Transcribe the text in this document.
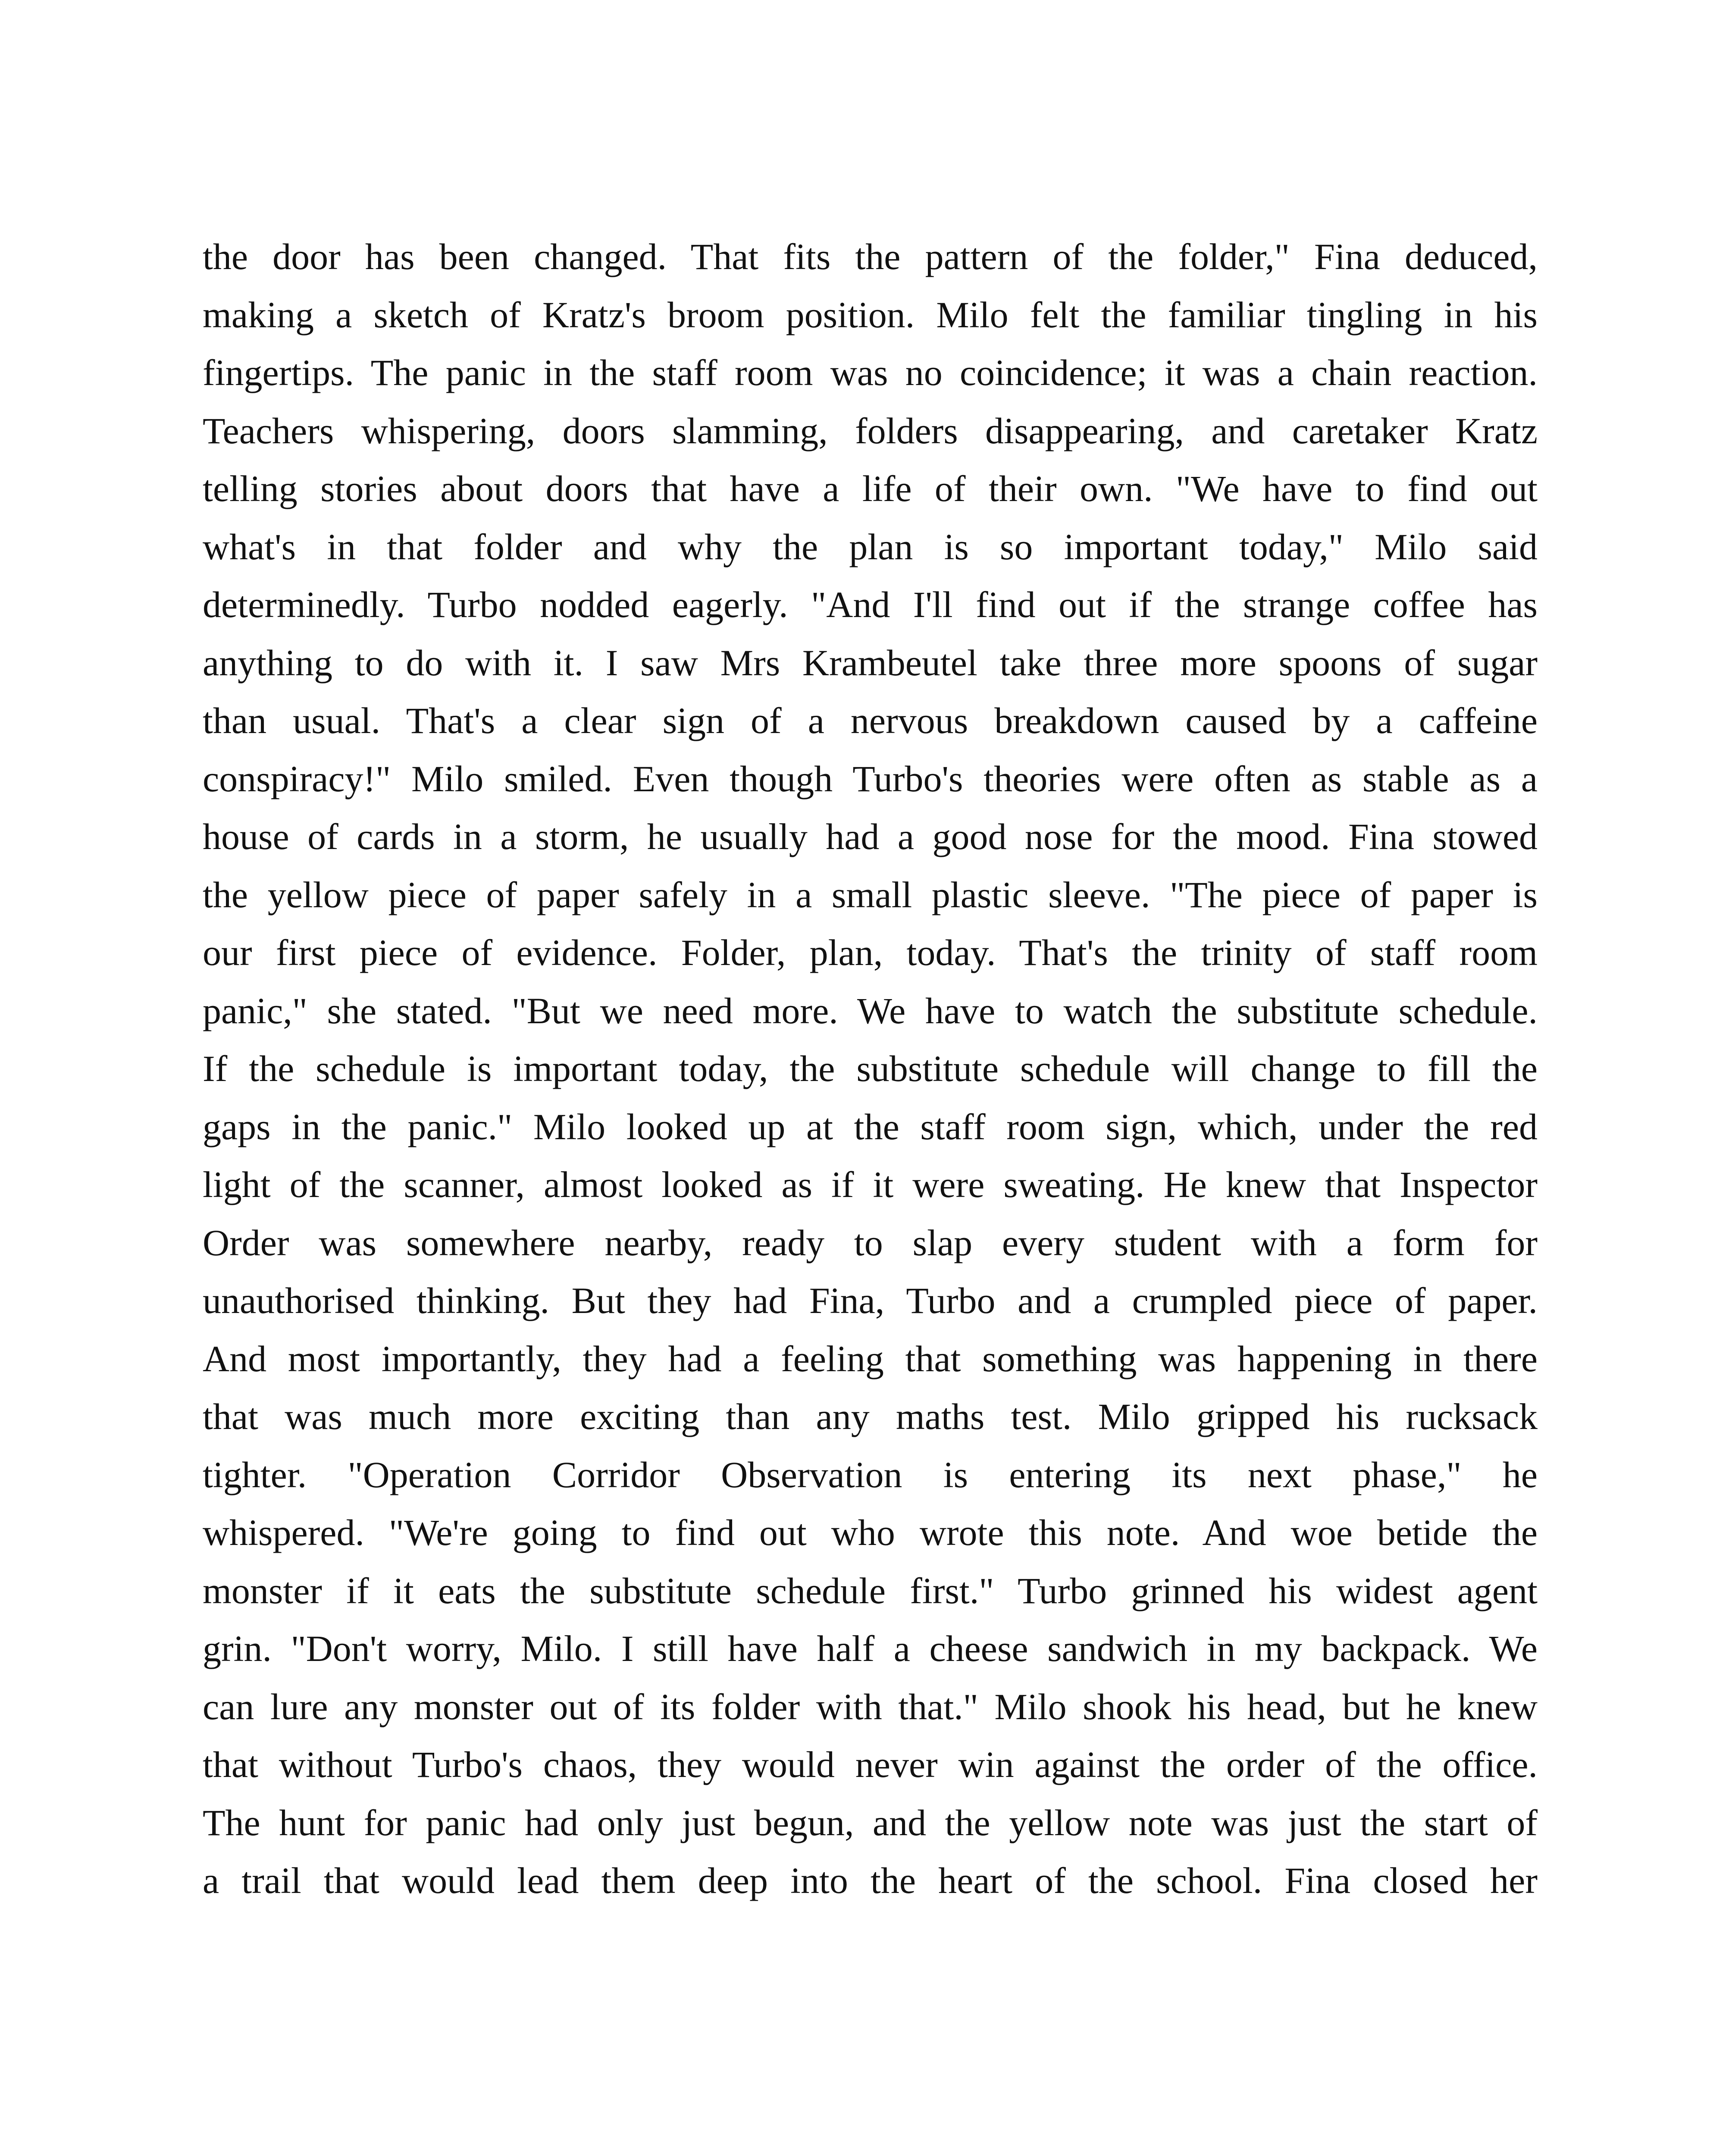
the door has been changed. That fits the pattern of the folder," Fina deduced,
making a sketch of Kratz's broom position. Milo felt the familiar tingling in his
fingertips. The panic in the staff room was no coincidence; it was a chain reaction.
Teachers whispering, doors slamming, folders disappearing, and caretaker Kratz
telling stories about doors that have a life of their own. "We have to find out
what's in that folder and why the plan is so important today," Milo said
determinedly. Turbo nodded eagerly. "And I'll find out if the strange coffee has
anything to do with it. I saw Mrs Krambeutel take three more spoons of sugar
than usual. That's a clear sign of a nervous breakdown caused by a caffeine
conspiracy!" Milo smiled. Even though Turbo's theories were often as stable as a
house of cards in a storm, he usually had a good nose for the mood. Fina stowed
the yellow piece of paper safely in a small plastic sleeve. "The piece of paper is
our first piece of evidence. Folder, plan, today. That's the trinity of staff room
panic," she stated. "But we need more. We have to watch the substitute schedule.
If the schedule is important today, the substitute schedule will change to fill the
gaps in the panic." Milo looked up at the staff room sign, which, under the red
light of the scanner, almost looked as if it were sweating. He knew that Inspector
Order was somewhere nearby, ready to slap every student with a form for
unauthorised thinking. But they had Fina, Turbo and a crumpled piece of paper.
And most importantly, they had a feeling that something was happening in there
that was much more exciting than any maths test. Milo gripped his rucksack
tighter. "Operation Corridor Observation is entering its next phase," he
whispered. "We're going to find out who wrote this note. And woe betide the
monster if it eats the substitute schedule first." Turbo grinned his widest agent
grin. "Don't worry, Milo. I still have half a cheese sandwich in my backpack. We
can lure any monster out of its folder with that." Milo shook his head, but he knew
that without Turbo's chaos, they would never win against the order of the office.
The hunt for panic had only just begun, and the yellow note was just the start of
a trail that would lead them deep into the heart of the school. Fina closed her
